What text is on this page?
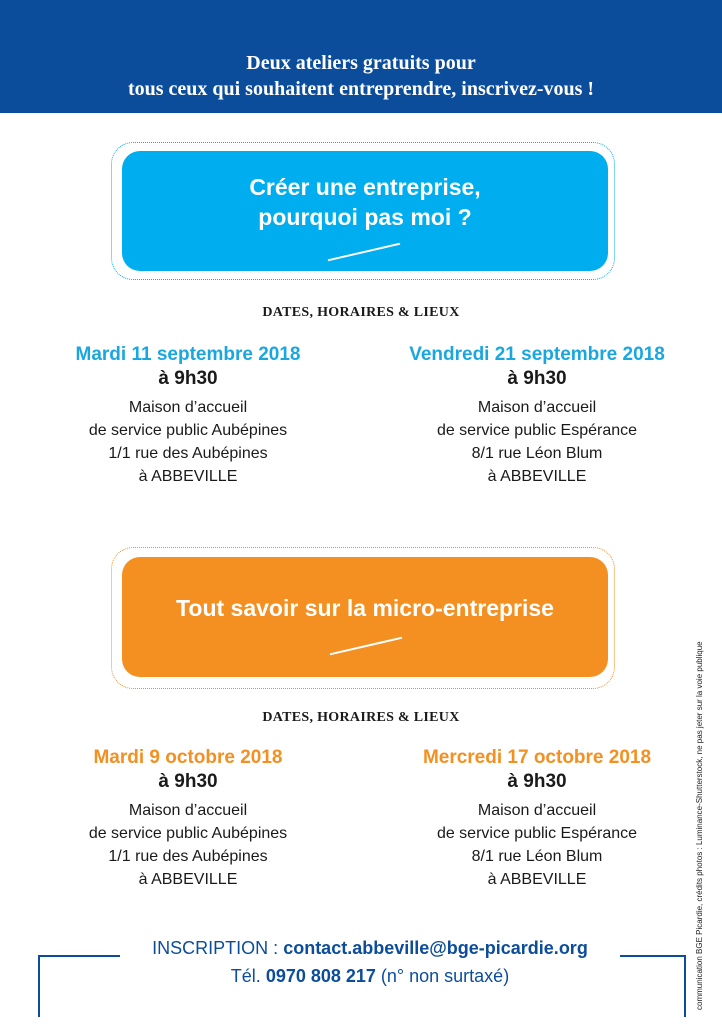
Deux ateliers gratuits pour
tous ceux qui souhaitent entreprendre, inscrivez-vous !
Créer une entreprise,
pourquoi pas moi ?
DATES, HORAIRES & LIEUX
Mardi 11 septembre 2018
à 9h30
Maison d’accueil
de service public Aubépines
1/1 rue des Aubépines
à ABBEVILLE
Vendredi 21 septembre 2018
à 9h30
Maison d’accueil
de service public Espérance
8/1 rue Léon Blum
à ABBEVILLE
Tout savoir sur la micro-entreprise
DATES, HORAIRES & LIEUX
Mardi 9 octobre 2018
à 9h30
Maison d’accueil
de service public Aubépines
1/1 rue des Aubépines
à ABBEVILLE
Mercredi 17 octobre 2018
à 9h30
Maison d’accueil
de service public Espérance
8/1 rue Léon Blum
à ABBEVILLE
INSCRIPTION : contact.abbeville@bge-picardie.org
Tél. 0970 808 217 (n° non surtaxé)	communication BGE Picardie, crédits photos : Luminance-Shutterstock, ne pas jeter sur la voie publique
